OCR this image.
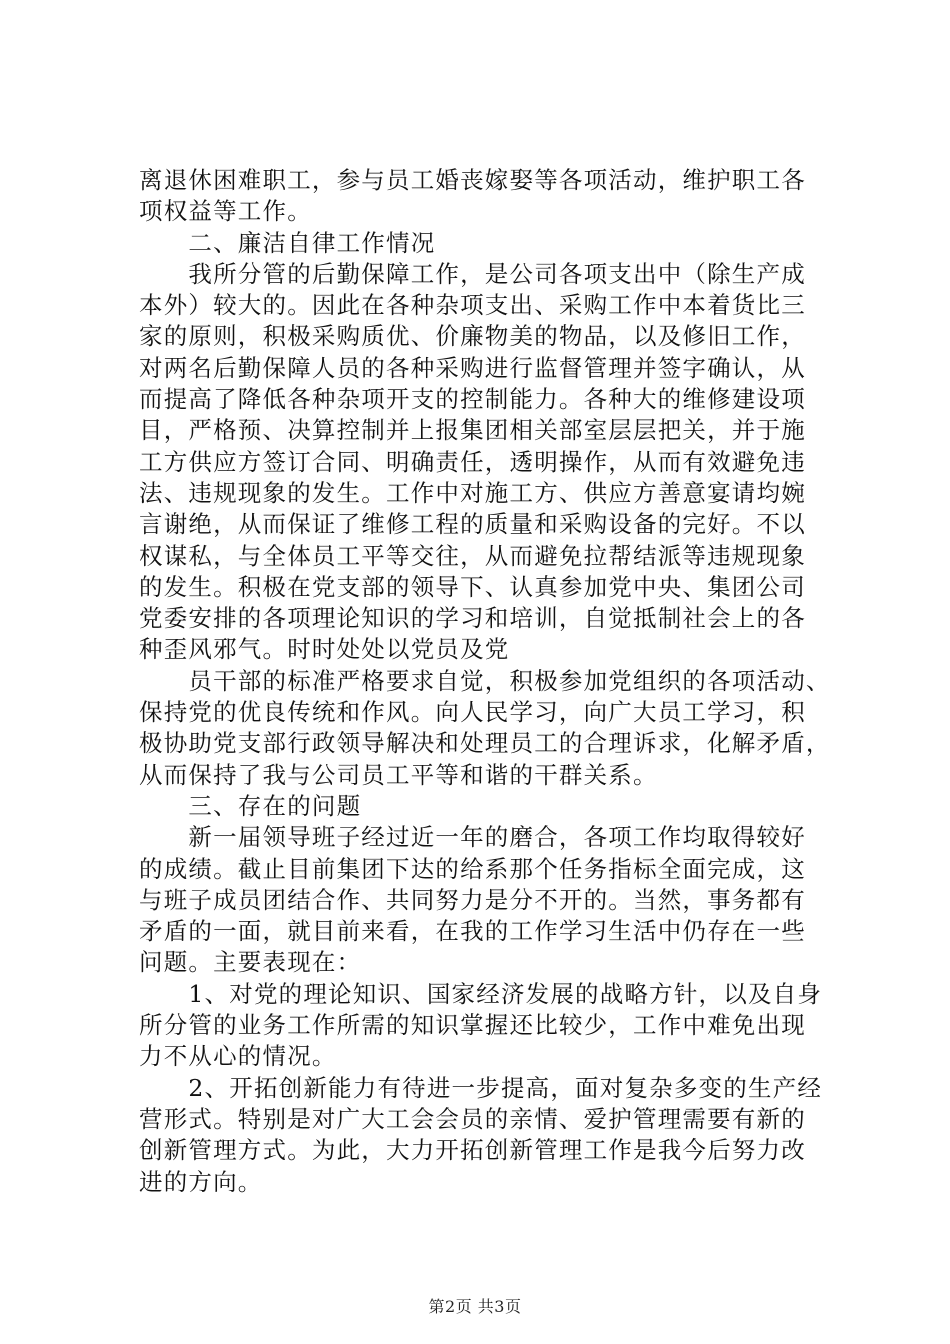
离退休困难职工，参与员工婚丧嫁娶等各项活动，维护职工各
项权益等工作。
　　二、廉洁自律工作情况
　　我所分管的后勤保障工作，是公司各项支出中（除生产成
本外）较大的。因此在各种杂项支出、采购工作中本着货比三
家的原则，积极采购质优、价廉物美的物品，以及修旧工作，
对两名后勤保障人员的各种采购进行监督管理并签字确认，从
而提高了降低各种杂项开支的控制能力。各种大的维修建设项
目，严格预、决算控制并上报集团相关部室层层把关，并于施
工方供应方签订合同、明确责任，透明操作，从而有效避免违
法、违规现象的发生。工作中对施工方、供应方善意宴请均婉
言谢绝，从而保证了维修工程的质量和采购设备的完好。不以
权谋私，与全体员工平等交往，从而避免拉帮结派等违规现象
的发生。积极在党支部的领导下、认真参加党中央、集团公司
党委安排的各项理论知识的学习和培训，自觉抵制社会上的各
种歪风邪气。时时处处以党员及党
　　员干部的标准严格要求自觉，积极参加党组织的各项活动、
保持党的优良传统和作风。向人民学习，向广大员工学习，积
极协助党支部行政领导解决和处理员工的合理诉求，化解矛盾，
从而保持了我与公司员工平等和谐的干群关系。
　　三、存在的问题
　　新一届领导班子经过近一年的磨合，各项工作均取得较好
的成绩。截止目前集团下达的给系那个任务指标全面完成，这
与班子成员团结合作、共同努力是分不开的。当然，事务都有
矛盾的一面，就目前来看，在我的工作学习生活中仍存在一些
问题。主要表现在：
　　1、对党的理论知识、国家经济发展的战略方针，以及自身
所分管的业务工作所需的知识掌握还比较少，工作中难免出现
力不从心的情况。
　　2、开拓创新能力有待进一步提高，面对复杂多变的生产经
营形式。特别是对广大工会会员的亲情、爱护管理需要有新的
创新管理方式。为此，大力开拓创新管理工作是我今后努力改
进的方向。
第2页 共3页
